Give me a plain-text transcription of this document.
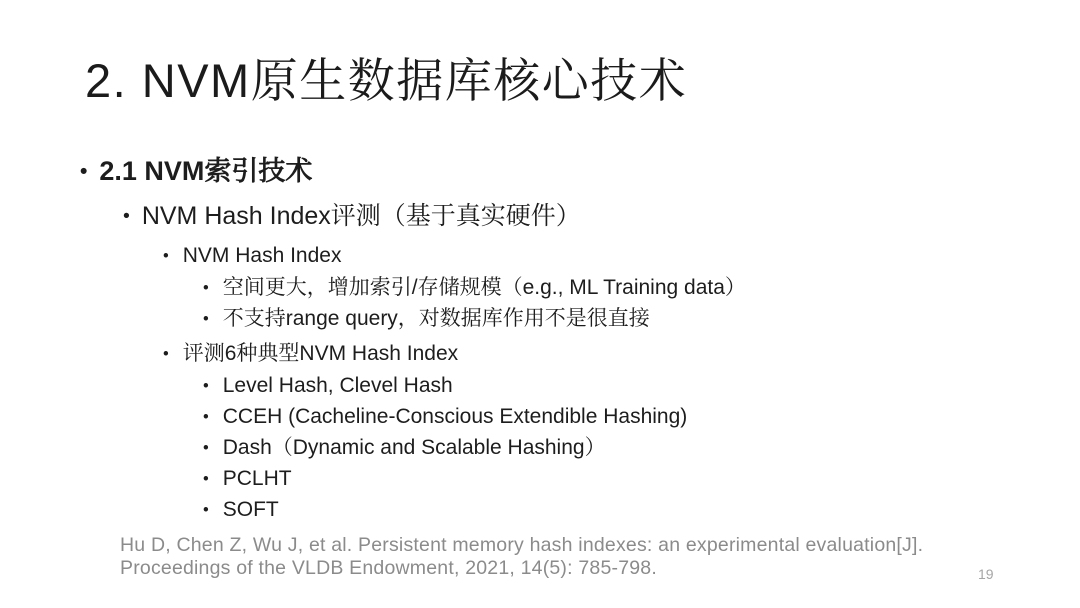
2. NVM原生数据库核心技术
• 2.1 NVM索引技术
• NVM Hash Index评测（基于真实硬件）
• NVM Hash Index
• 空间更大，增加索引/存储规模（e.g., ML Training data）
• 不支持range query，对数据库作用不是很直接
• 评测6种典型NVM Hash Index
• Level Hash, Clevel Hash
• CCEH (Cacheline-Conscious Extendible Hashing)
• Dash（Dynamic and Scalable Hashing）
• PCLHT
• SOFT
Hu D, Chen Z, Wu J, et al. Persistent memory hash indexes: an experimental evaluation[J]. Proceedings of the VLDB Endowment, 2021, 14(5): 785-798.	19
